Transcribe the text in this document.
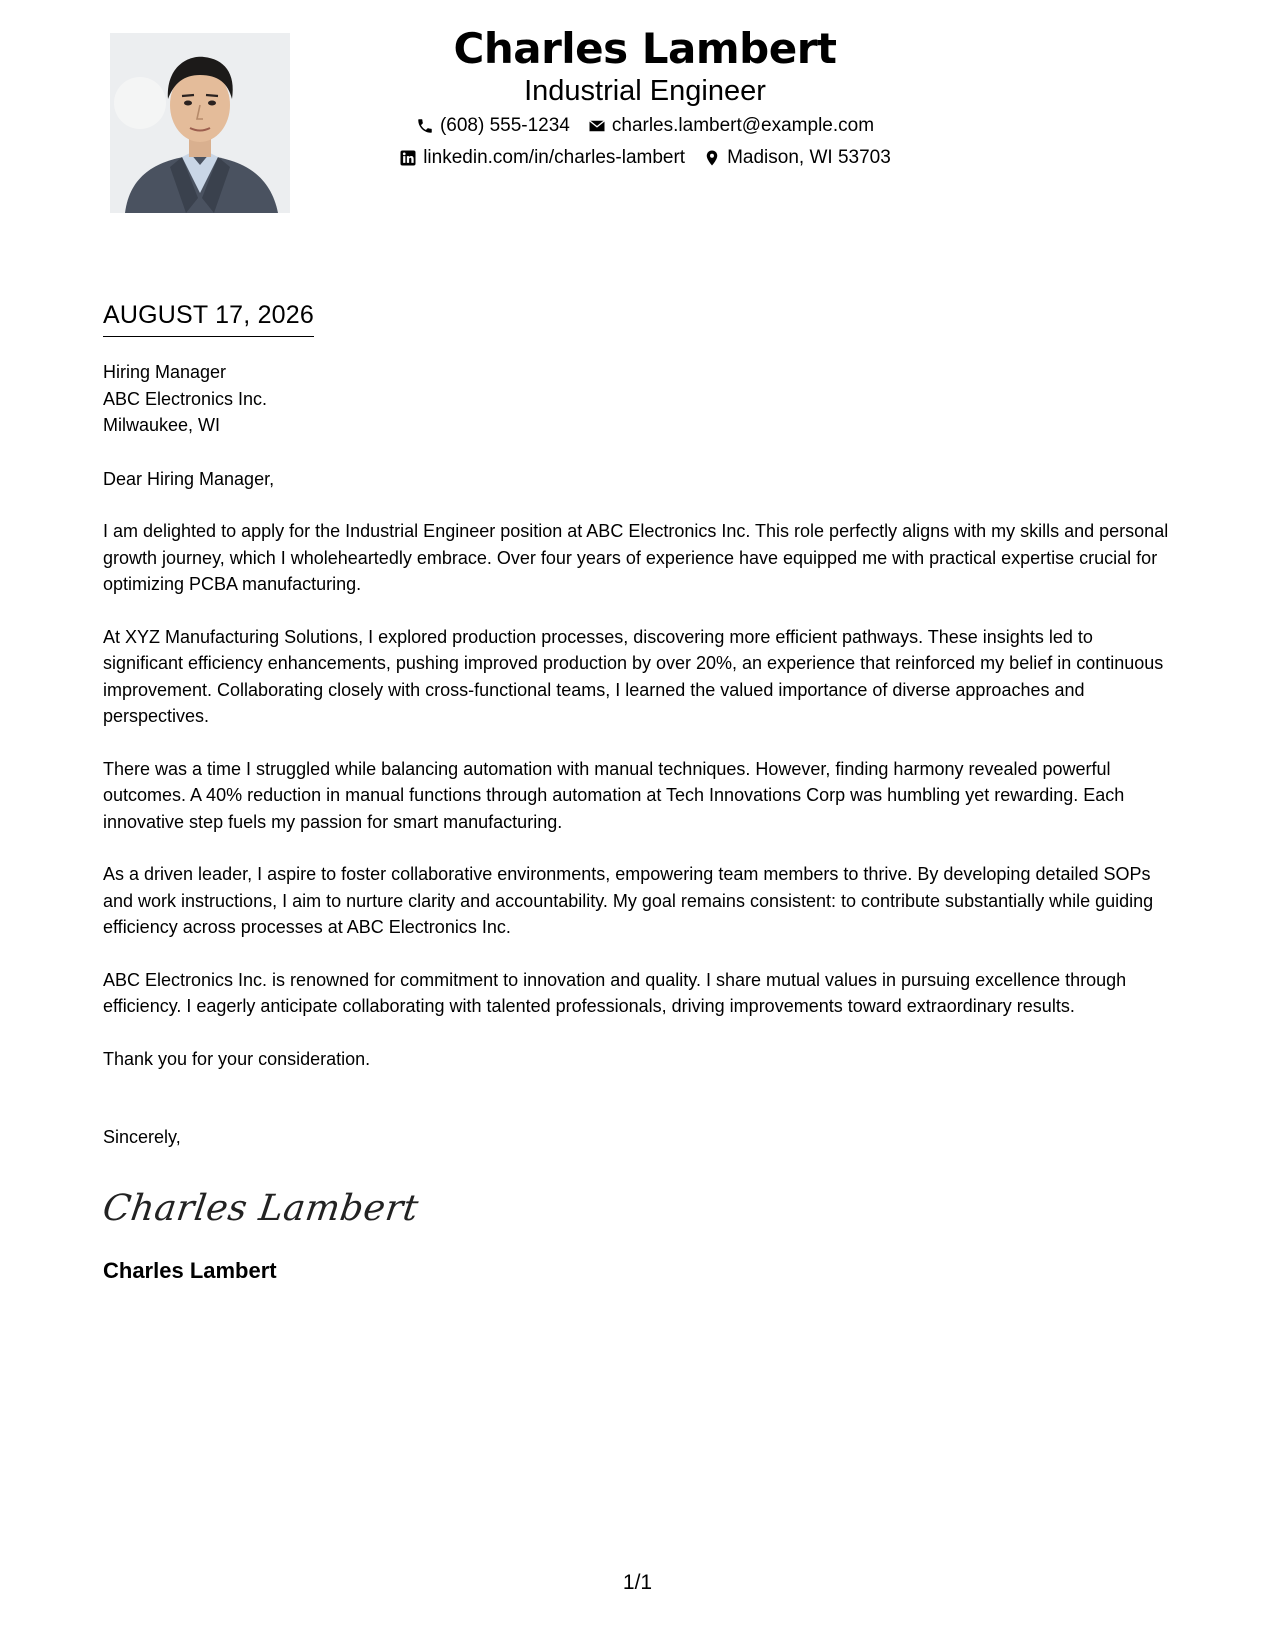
Charles Lambert
Industrial Engineer
(608) 555-1234 charles.lambert@example.com
linkedin.com/in/charles-lambert Madison, WI 53703
AUGUST 17, 2026
Hiring Manager
ABC Electronics Inc.
Milwaukee, WI
Dear Hiring Manager,
I am delighted to apply for the Industrial Engineer position at ABC Electronics Inc. This role perfectly aligns with my skills and personal growth journey, which I wholeheartedly embrace. Over four years of experience have equipped me with practical expertise crucial for optimizing PCBA manufacturing.
At XYZ Manufacturing Solutions, I explored production processes, discovering more efficient pathways. These insights led to significant efficiency enhancements, pushing improved production by over 20%, an experience that reinforced my belief in continuous improvement. Collaborating closely with cross-functional teams, I learned the valued importance of diverse approaches and perspectives.
There was a time I struggled while balancing automation with manual techniques. However, finding harmony revealed powerful outcomes. A 40% reduction in manual functions through automation at Tech Innovations Corp was humbling yet rewarding. Each innovative step fuels my passion for smart manufacturing.
As a driven leader, I aspire to foster collaborative environments, empowering team members to thrive. By developing detailed SOPs and work instructions, I aim to nurture clarity and accountability. My goal remains consistent: to contribute substantially while guiding efficiency across processes at ABC Electronics Inc.
ABC Electronics Inc. is renowned for commitment to innovation and quality. I share mutual values in pursuing excellence through efficiency. I eagerly anticipate collaborating with talented professionals, driving improvements toward extraordinary results.
Thank you for your consideration.
Sincerely,
Charles Lambert
Charles Lambert
1/1
